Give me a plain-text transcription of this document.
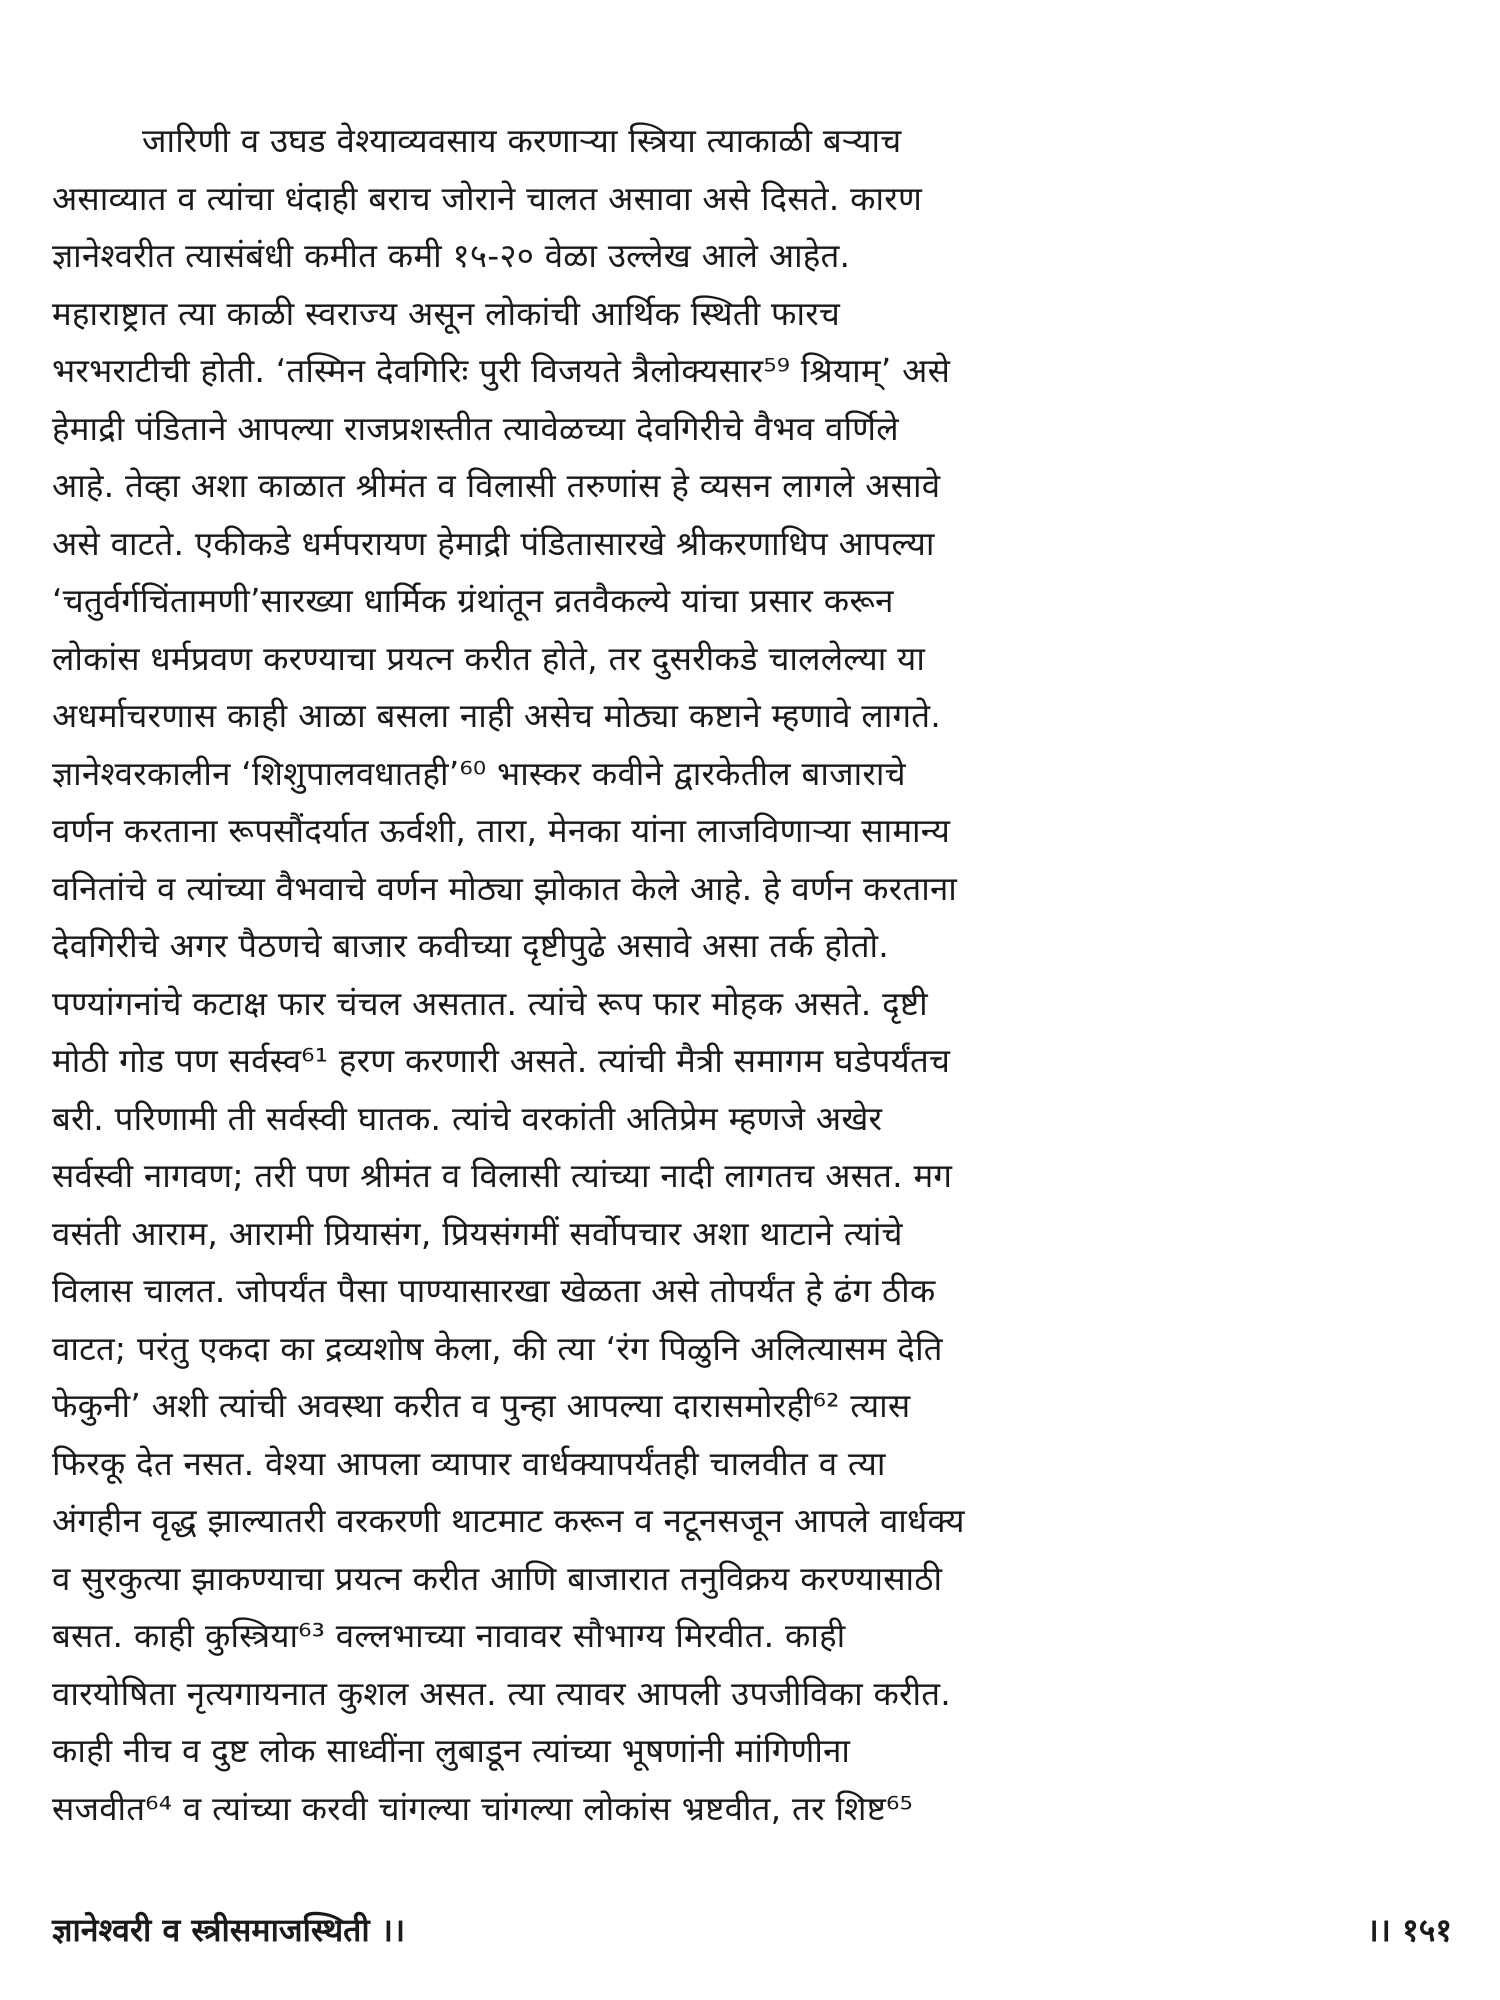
जारिणी व उघड वेश्याव्यवसाय करणाऱ्या स्त्रिया त्याकाळी बऱ्याच
असाव्यात व त्यांचा धंदाही बराच जोराने चालत असावा असे दिसते. कारण
ज्ञानेश्वरीत त्यासंबंधी कमीत कमी १५-२० वेळा उल्लेख आले आहेत.
महाराष्ट्रात त्या काळी स्वराज्य असून लोकांची आर्थिक स्थिती फारच
भरभराटीची होती. ‘तस्मिन देवगिरिः पुरी विजयते त्रैलोक्यसार⁵⁹ श्रियाम्’ असे
हेमाद्री पंडिताने आपल्या राजप्रशस्तीत त्यावेळच्या देवगिरीचे वैभव वर्णिले
आहे. तेव्हा अशा काळात श्रीमंत व विलासी तरुणांस हे व्यसन लागले असावे
असे वाटते. एकीकडे धर्मपरायण हेमाद्री पंडितासारखे श्रीकरणाधिप आपल्या
‘चतुर्वर्गचिंतामणी’सारख्या धार्मिक ग्रंथांतून व्रतवैकल्ये यांचा प्रसार करून
लोकांस धर्मप्रवण करण्याचा प्रयत्न करीत होते, तर दुसरीकडे चाललेल्या या
अधर्माचरणास काही आळा बसला नाही असेच मोठ्या कष्टाने म्हणावे लागते.
ज्ञानेश्वरकालीन ‘शिशुपालवधातही’⁶⁰ भास्कर कवीने द्वारकेतील बाजाराचे
वर्णन करताना रूपसौंदर्यात ऊर्वशी, तारा, मेनका यांना लाजविणाऱ्या सामान्य
वनितांचे व त्यांच्या वैभवाचे वर्णन मोठ्या झोकात केले आहे. हे वर्णन करताना
देवगिरीचे अगर पैठणचे बाजार कवीच्या दृष्टीपुढे असावे असा तर्क होतो.
पण्यांगनांचे कटाक्ष फार चंचल असतात. त्यांचे रूप फार मोहक असते. दृष्टी
मोठी गोड पण सर्वस्व⁶¹ हरण करणारी असते. त्यांची मैत्री समागम घडेपर्यंतच
बरी. परिणामी ती सर्वस्वी घातक. त्यांचे वरकांती अतिप्रेम म्हणजे अखेर
सर्वस्वी नागवण; तरी पण श्रीमंत व विलासी त्यांच्या नादी लागतच असत. मग
वसंती आराम, आरामी प्रियासंग, प्रियसंगमीं सर्वोपचार अशा थाटाने त्यांचे
विलास चालत. जोपर्यंत पैसा पाण्यासारखा खेळता असे तोपर्यंत हे ढंग ठीक
वाटत; परंतु एकदा का द्रव्यशोष केला, की त्या ‘रंग पिळुनि अलित्यासम देति
फेकुनी’ अशी त्यांची अवस्था करीत व पुन्हा आपल्या दारासमोरही⁶² त्यास
फिरकू देत नसत. वेश्या आपला व्यापार वार्धक्यापर्यंतही चालवीत व त्या
अंगहीन वृद्ध झाल्यातरी वरकरणी थाटमाट करून व नटूनसजून आपले वार्धक्य
व सुरकुत्या झाकण्याचा प्रयत्न करीत आणि बाजारात तनुविक्रय करण्यासाठी
बसत. काही कुस्त्रिया⁶³ वल्लभाच्या नावावर सौभाग्य मिरवीत. काही
वारयोषिता नृत्यगायनात कुशल असत. त्या त्यावर आपली उपजीविका करीत.
काही नीच व दुष्ट लोक साध्वींना लुबाडून त्यांच्या भूषणांनी मांगिणीना
सजवीत⁶⁴ व त्यांच्या करवी चांगल्या चांगल्या लोकांस भ्रष्टवीत, तर शिष्ट⁶⁵
ज्ञानेश्वरी व स्त्रीसमाजस्थिती ।।	।। १५१
